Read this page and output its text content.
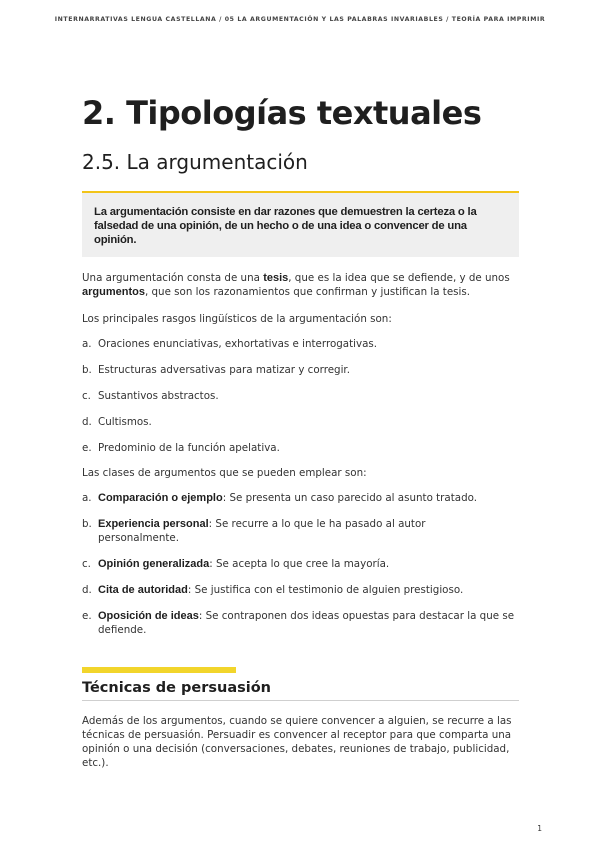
INTERNARRATIVAS LENGUA CASTELLANA / 05 LA ARGUMENTACIÓN Y LAS PALABRAS INVARIABLES / TEORÍA PARA IMPRIMIR
2. Tipologías textuales
2.5. La argumentación
La argumentación consiste en dar razones que demuestren la certeza o la falsedad de una opinión, de un hecho o de una idea o convencer de una opinión.

Una argumentación consta de una tesis, que es la idea que se defiende, y de unos argumentos, que son los razonamientos que confirman y justifican la tesis.

Los principales rasgos lingüísticos de la argumentación son:

a. Oraciones enunciativas, exhortativas e interrogativas.
b. Estructuras adversativas para matizar y corregir.
c. Sustantivos abstractos.
d. Cultismos.
e. Predominio de la función apelativa.

Las clases de argumentos que se pueden emplear son:

a. Comparación o ejemplo: Se presenta un caso parecido al asunto tratado.
b. Experiencia personal: Se recurre a lo que le ha pasado al autor personalmente.
c. Opinión generalizada: Se acepta lo que cree la mayoría.
d. Cita de autoridad: Se justifica con el testimonio de alguien prestigioso.
e. Oposición de ideas: Se contraponen dos ideas opuestas para destacar la que se defiende.
Técnicas de persuasión

Además de los argumentos, cuando se quiere convencer a alguien, se recurre a las técnicas de persuasión. Persuadir es convencer al receptor para que comparta una opinión o una decisión (conversaciones, debates, reuniones de trabajo, publicidad, etc.).

1
